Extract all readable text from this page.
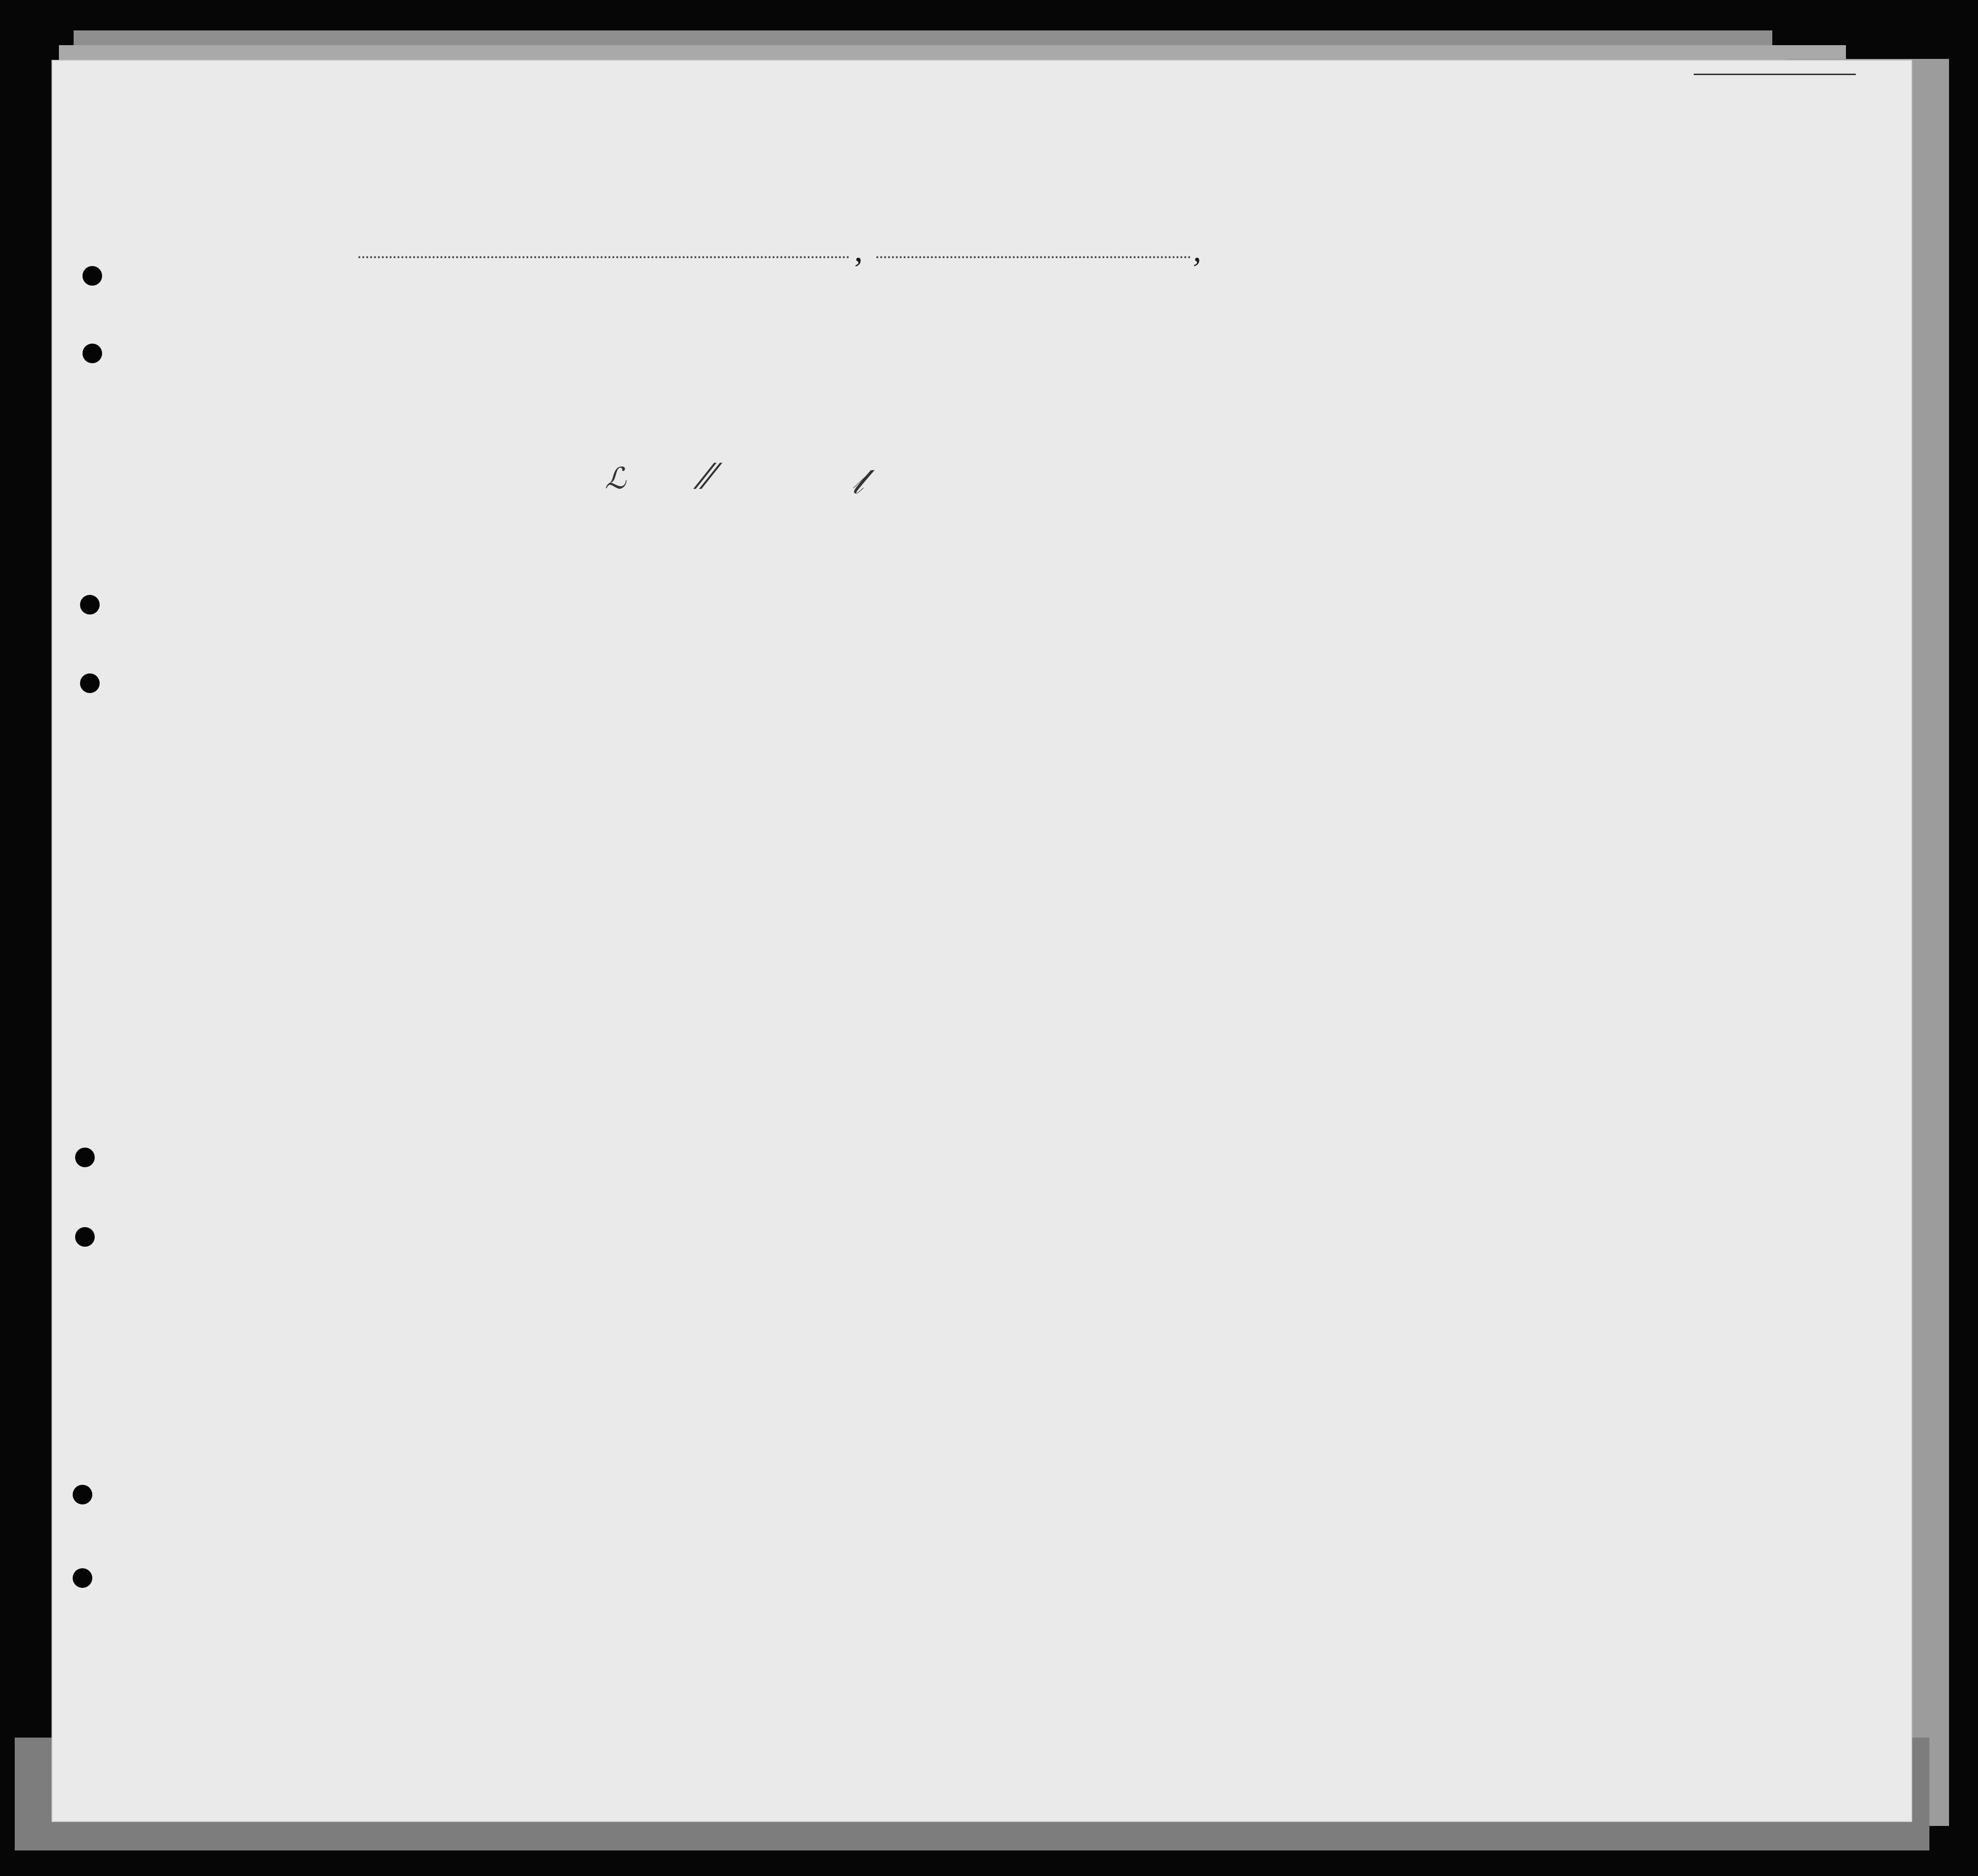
,	,
ℒ ⁄⁄	𝓁
